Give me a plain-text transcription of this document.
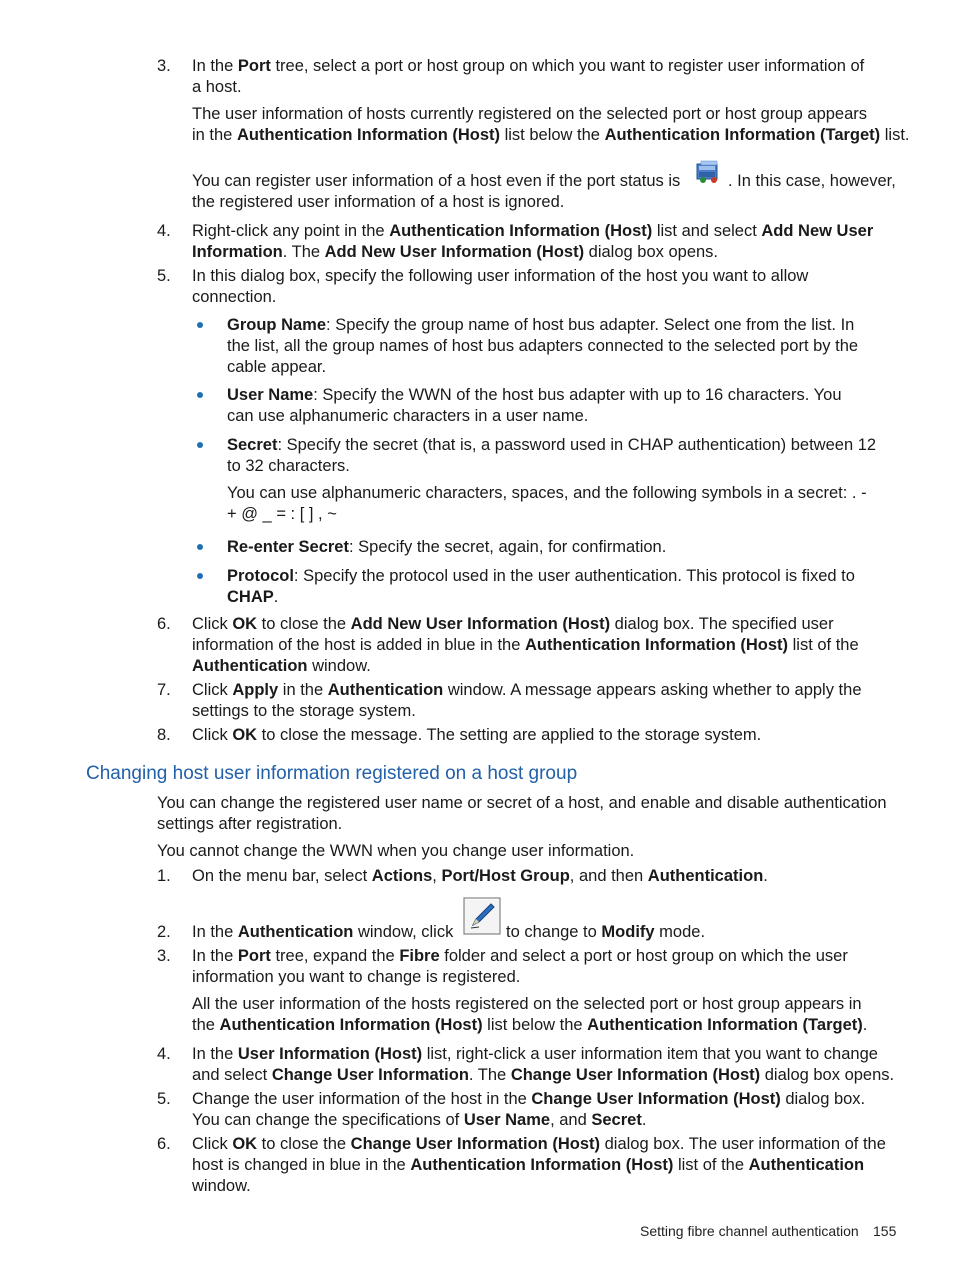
3.	In the Port tree, select a port or host group on which you want to register user information of
a host.
The user information of hosts currently registered on the selected port or host group appears
in the Authentication Information (Host) list below the Authentication Information (Target) list.
You can register user information of a host even if the port status is	. In this case, however,
the registered user information of a host is ignored.
4.	Right-click any point in the Authentication Information (Host) list and select Add New User
Information. The Add New User Information (Host) dialog box opens.
5.	In this dialog box, specify the following user information of the host you want to allow
connection.
Group Name: Specify the group name of host bus adapter. Select one from the list. In
the list, all the group names of host bus adapters connected to the selected port by the
cable appear.
User Name: Specify the WWN of the host bus adapter with up to 16 characters. You
can use alphanumeric characters in a user name.
Secret: Specify the secret (that is, a password used in CHAP authentication) between 12
to 32 characters.
You can use alphanumeric characters, spaces, and the following symbols in a secret: . -
+ @ _ = : [ ] , ~
Re-enter Secret: Specify the secret, again, for confirmation.
Protocol: Specify the protocol used in the user authentication. This protocol is fixed to
CHAP.
6.	Click OK to close the Add New User Information (Host) dialog box. The specified user
information of the host is added in blue in the Authentication Information (Host) list of the
Authentication window.
7.	Click Apply in the Authentication window. A message appears asking whether to apply the
settings to the storage system.
8.	Click OK to close the message. The setting are applied to the storage system.
Changing host user information registered on a host group
You can change the registered user name or secret of a host, and enable and disable authentication
settings after registration.
You cannot change the WWN when you change user information.
1.	On the menu bar, select Actions, Port/Host Group, and then Authentication.
2.	In the Authentication window, click	to change to Modify mode.
3.	In the Port tree, expand the Fibre folder and select a port or host group on which the user
information you want to change is registered.
All the user information of the hosts registered on the selected port or host group appears in
the Authentication Information (Host) list below the Authentication Information (Target).
4.	In the User Information (Host) list, right-click a user information item that you want to change
and select Change User Information. The Change User Information (Host) dialog box opens.
5.	Change the user information of the host in the Change User Information (Host) dialog box.
You can change the specifications of User Name, and Secret.
6.	Click OK to close the Change User Information (Host) dialog box. The user information of the
host is changed in blue in the Authentication Information (Host) list of the Authentication
window.
Setting fibre channel authentication 155
